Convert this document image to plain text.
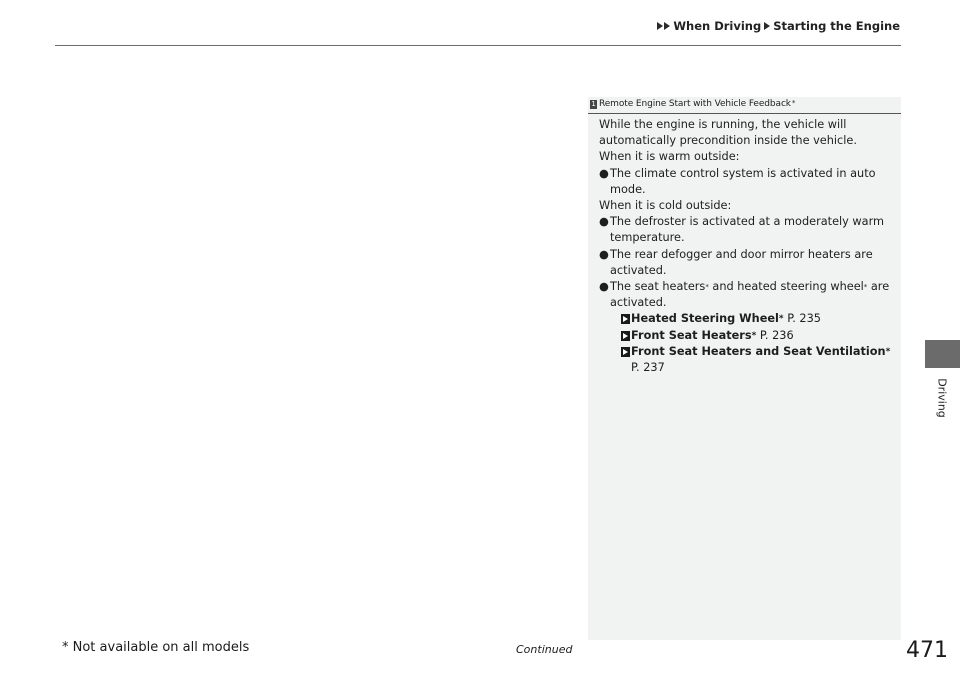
When Driving Starting the Engine
1 Remote Engine Start with Vehicle Feedback *
While the engine is running, the vehicle will automatically precondition inside the vehicle.
When it is warm outside:
● The climate control system is activated in auto mode.
When it is cold outside:
● The defroster is activated at a moderately warm temperature.
● The rear defogger and door mirror heaters are activated.
● The seat heaters* and heated steering wheel* are activated.
Heated Steering Wheel* P. 235
Front Seat Heaters* P. 236
Front Seat Heaters and Seat Ventilation*
P. 237
Driving
* Not available on all models	Continued	471
